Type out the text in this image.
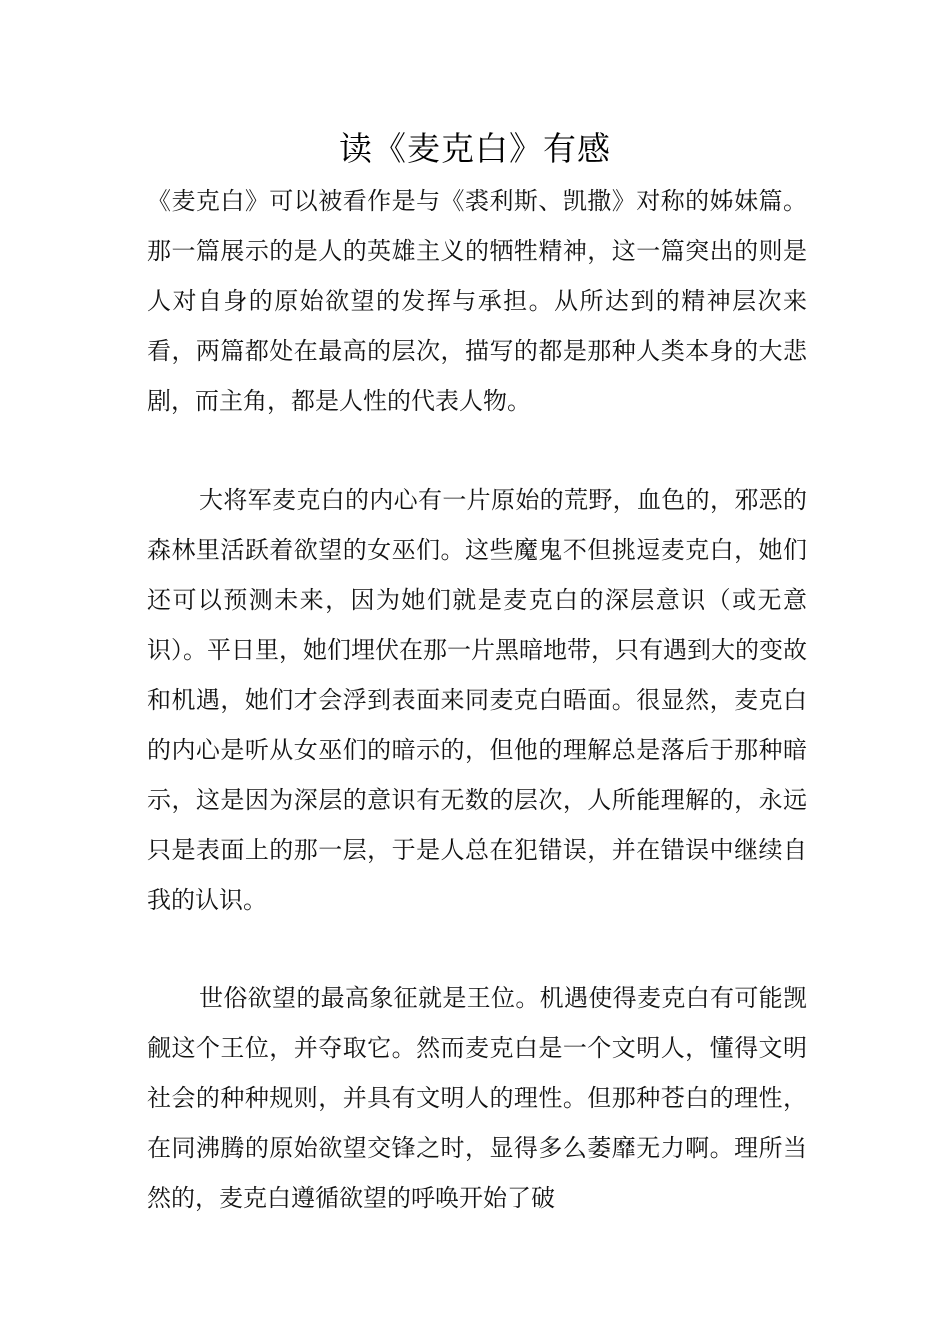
读《麦克白》有感

《麦克白》可以被看作是与《裘利斯、凯撒》对称的姊妹篇。那一篇展示的是人的英雄主义的牺牲精神，这一篇突出的则是人对自身的原始欲望的发挥与承担。从所达到的精神层次来看，两篇都处在最高的层次，描写的都是那种人类本身的大悲剧，而主角，都是人性的代表人物。

大将军麦克白的内心有一片原始的荒野，血色的，邪恶的森林里活跃着欲望的女巫们。这些魔鬼不但挑逗麦克白，她们还可以预测未来，因为她们就是麦克白的深层意识（或无意识）。平日里，她们埋伏在那一片黑暗地带，只有遇到大的变故和机遇，她们才会浮到表面来同麦克白晤面。很显然，麦克白的内心是听从女巫们的暗示的，但他的理解总是落后于那种暗示，这是因为深层的意识有无数的层次，人所能理解的，永远只是表面上的那一层，于是人总在犯错误，并在错误中继续自我的认识。

世俗欲望的最高象征就是王位。机遇使得麦克白有可能觊觎这个王位，并夺取它。然而麦克白是一个文明人，懂得文明社会的种种规则，并具有文明人的理性。但那种苍白的理性，在同沸腾的原始欲望交锋之时，显得多么萎靡无力啊。理所当然的，麦克白遵循欲望的呼唤开始了破
